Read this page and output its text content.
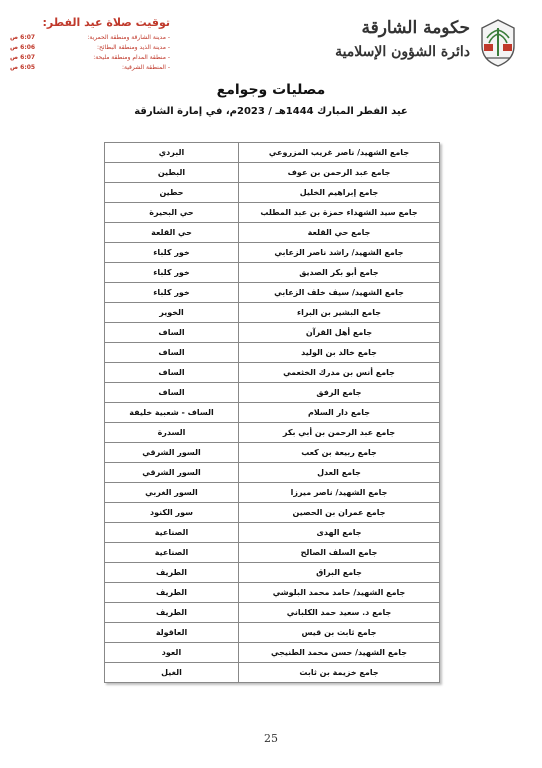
حكومة الشارقة
دائرة الشؤون الإسلامية
توقيت صلاة عيد الفطر:
- مدينة الشارقة ومنطقة الحمرية:
6:07 ص
- مدينة الذيد ومنطقة البطائح:
6:06 ص
- منطقة المدام ومنطقة مليحة:
6:07 ص
- المنطقة الشرقية:
6:05 ص
مصليات وجوامع
عيد الفطر المبارك 1444هـ / 2023م، في إمارة الشارقة
جامع الشهيد/ ناصر غريب المزروعي	البردي
جامع عبد الرحمن بن عوف	البطين
جامع إبراهيم الخليل	حطين
جامع سيد الشهداء حمزة بن عبد المطلب	حي البحيرة
جامع حي القلعة	حي القلعة
جامع الشهيد/ راشد ناصر الزعابي	خور كلباء
جامع أبو بكر الصديق	خور كلباء
جامع الشهيد/ سيف خلف الزعابي	خور كلباء
جامع البشير بن البراء	الخوير
جامع أهل القرآن	الساف
جامع خالد بن الوليد	الساف
جامع أنس بن مدرك الخثعمي	الساف
جامع الرفق	الساف
جامع دار السلام	الساف - شعبية خليفة
جامع عبد الرحمن بن أبي بكر	السدرة
جامع ربيعة بن كعب	السور الشرقي
جامع العدل	السور الشرقي
جامع الشهيد/ ناصر ميرزا	السور الغربي
جامع عمران بن الحصين	سور الكنود
جامع الهدى	الصناعية
جامع السلف الصالح	الصناعية
جامع البراق	الطريف
جامع الشهيد/ حامد محمد البلوشي	الطريف
جامع د. سعيد حمد الكلباني	الطريف
جامع ثابت بن قيس	العاقولة
جامع الشهيد/ حسن محمد الطنيجي	العود
جامع خزيمة بن ثابت	الغيل
25
